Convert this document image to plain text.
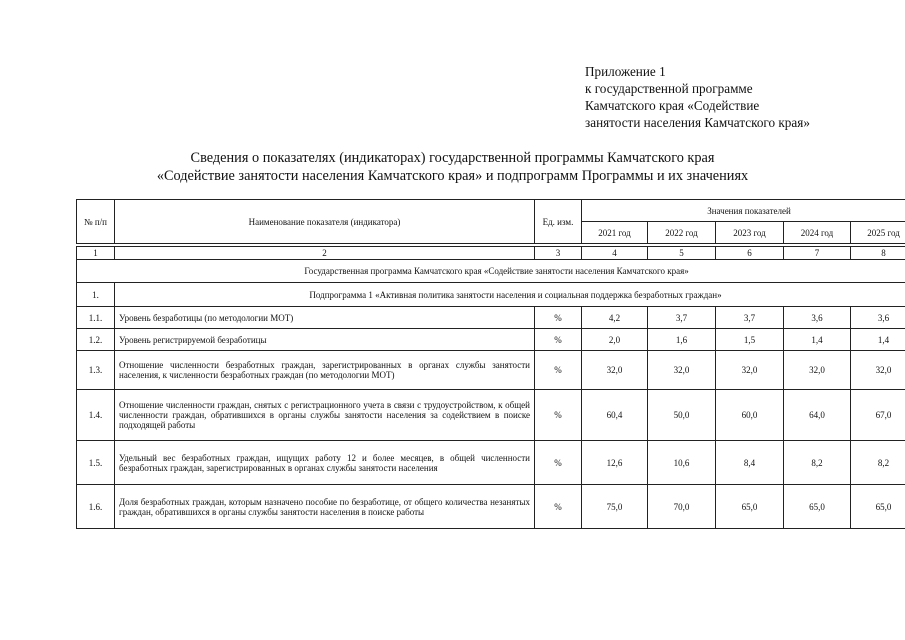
Приложение 1
к государственной программе
Камчатского края «Содействие
занятости населения Камчатского края»
Сведения о показателях (индикаторах) государственной программы Камчатского края
«Содействие занятости населения Камчатского края» и подпрограмм Программы и их значениях
№ п/п	Наименование показателя (индикатора)	Ед. изм.	Значения показателей				
			2021 год	2022 год	2023 год	2024 год	2025 год

1	2	3	4	5	6	7	8
Государственная программа Камчатского края «Содействие занятости населения Камчатского края»							
1.	Подпрограмма 1 «Активная политика занятости населения и социальная поддержка безработных граждан»						
1.1.	Уровень безработицы (по методологии МОТ)	%	4,2	3,7	3,7	3,6	3,6
1.2.	Уровень регистрируемой безработицы	%	2,0	1,6	1,5	1,4	1,4
1.3.	Отношение численности безработных граждан, зарегистрированных в органах службы занятости населения, к численности безработных граждан (по методологии МОТ)	%	32,0	32,0	32,0	32,0	32,0
1.4.	Отношение численности граждан, снятых с регистрационного учета в связи с трудоустройством, к общей численности граждан, обратившихся в органы службы занятости населения за содействием в поиске подходящей работы	%	60,4	50,0	60,0	64,0	67,0
1.5.	Удельный вес безработных граждан, ищущих работу 12 и более месяцев, в общей численности безработных граждан, зарегистрированных в органах службы занятости населения	%	12,6	10,6	8,4	8,2	8,2
1.6.	Доля безработных граждан, которым назначено пособие по безработице, от общего количества незанятых граждан, обратившихся в органы службы занятости населения в поиске работы	%	75,0	70,0	65,0	65,0	65,0
